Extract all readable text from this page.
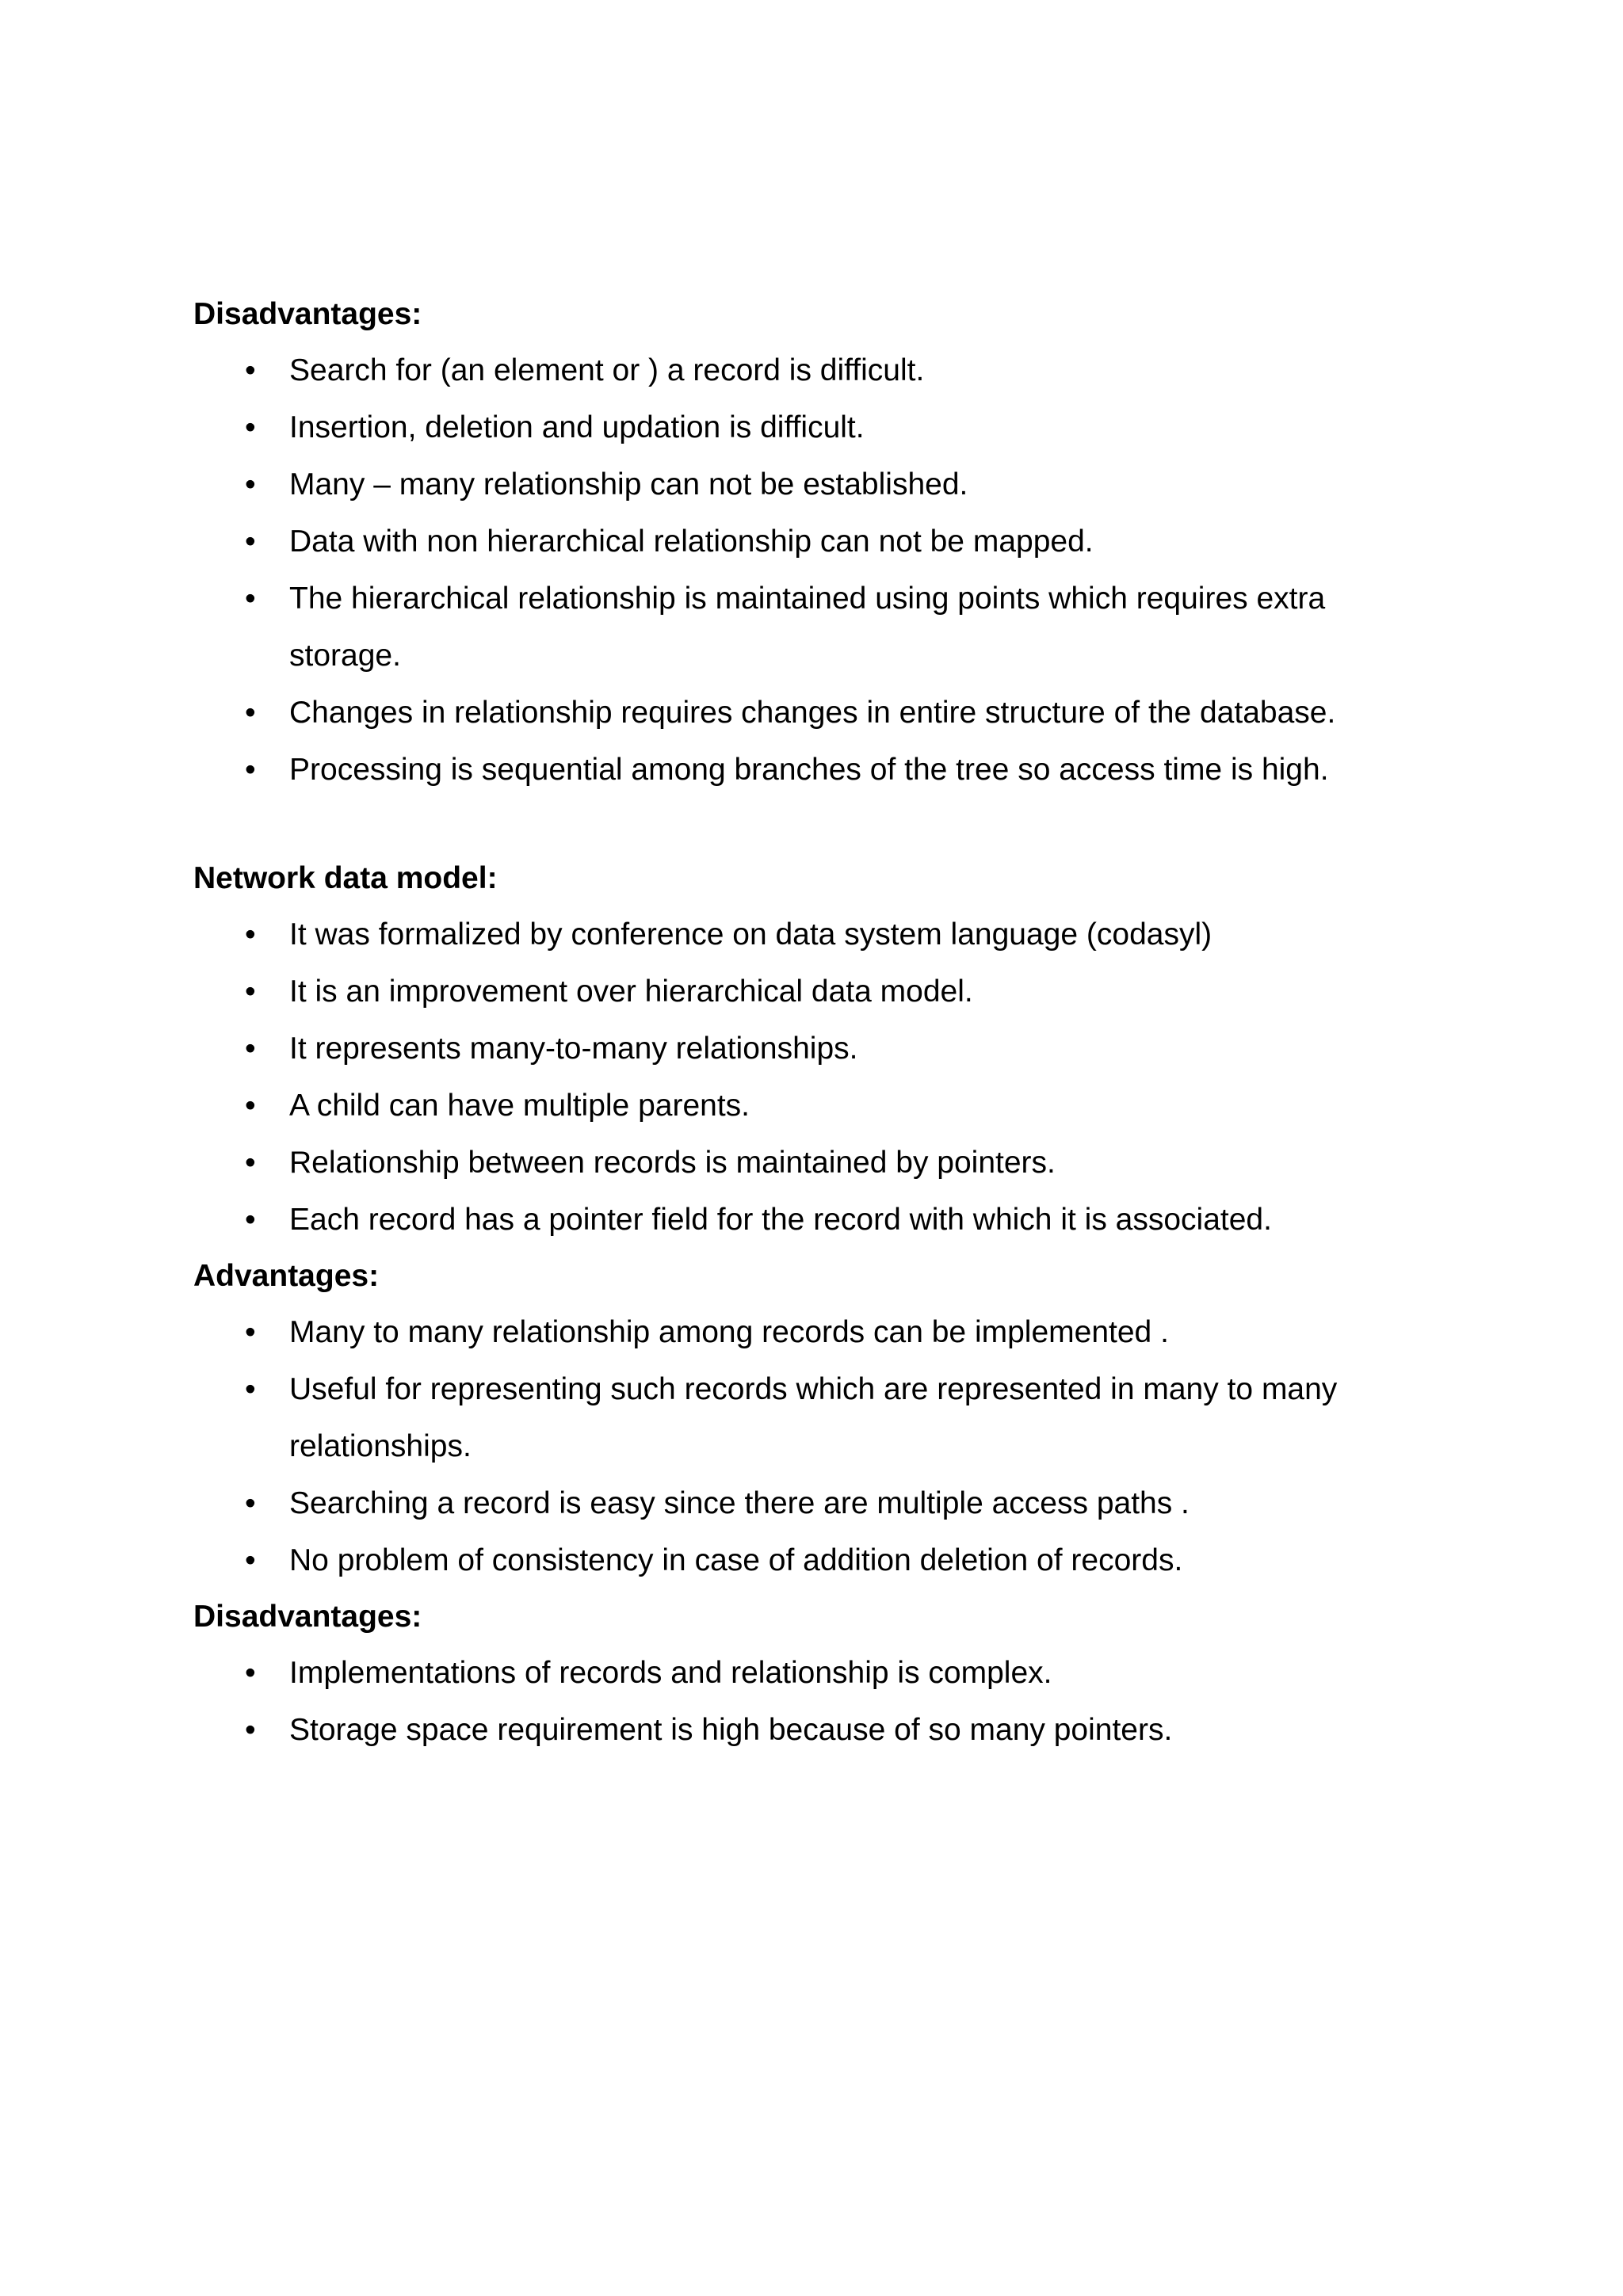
Disadvantages:

• Search for (an element or ) a record is difficult.
• Insertion, deletion and updation is difficult.
• Many – many relationship can not be established.
• Data with non hierarchical relationship can not be mapped.
• The hierarchical relationship is maintained using points which requires extra storage.
• Changes in relationship requires changes in entire structure of the database.
• Processing is sequential among branches of the tree so access time is high.

Network data model:

• It was formalized by conference on data system language (codasyl)
• It is an improvement over hierarchical data model.
• It represents many-to-many relationships.
• A child can have multiple parents.
• Relationship between records is maintained by pointers.
• Each record has a pointer field for the record with which it is associated.

Advantages:

• Many to many relationship among records can be implemented .
• Useful for representing such records which are represented in many to many relationships.
• Searching a record is easy since there are multiple access paths .
• No problem of consistency in case of addition deletion of records.

Disadvantages:

• Implementations of records and relationship is complex.
• Storage space requirement is high because of so many pointers.
